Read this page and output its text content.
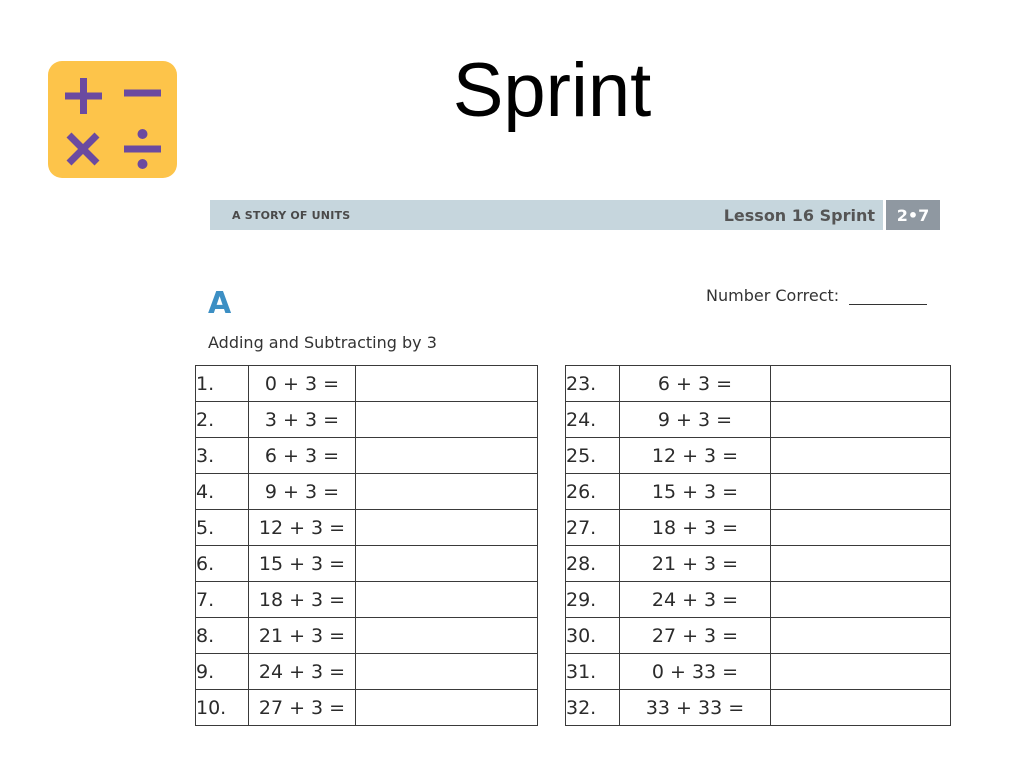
Sprint
A STORY OF UNITS	Lesson 16 Sprint	2•7
A	Number Correct:
Adding and Subtracting by 3
1.	0 + 3 =	
2.	3 + 3 =	
3.	6 + 3 =	
4.	9 + 3 =	
5.	12 + 3 =	
6.	15 + 3 =	
7.	18 + 3 =	
8.	21 + 3 =	
9.	24 + 3 =	
10.	27 + 3 =	
23.	6 + 3 =	
24.	9 + 3 =	
25.	12 + 3 =	
26.	15 + 3 =	
27.	18 + 3 =	
28.	21 + 3 =	
29.	24 + 3 =	
30.	27 + 3 =	
31.	0 + 33 =	
32.	33 + 33 =	
